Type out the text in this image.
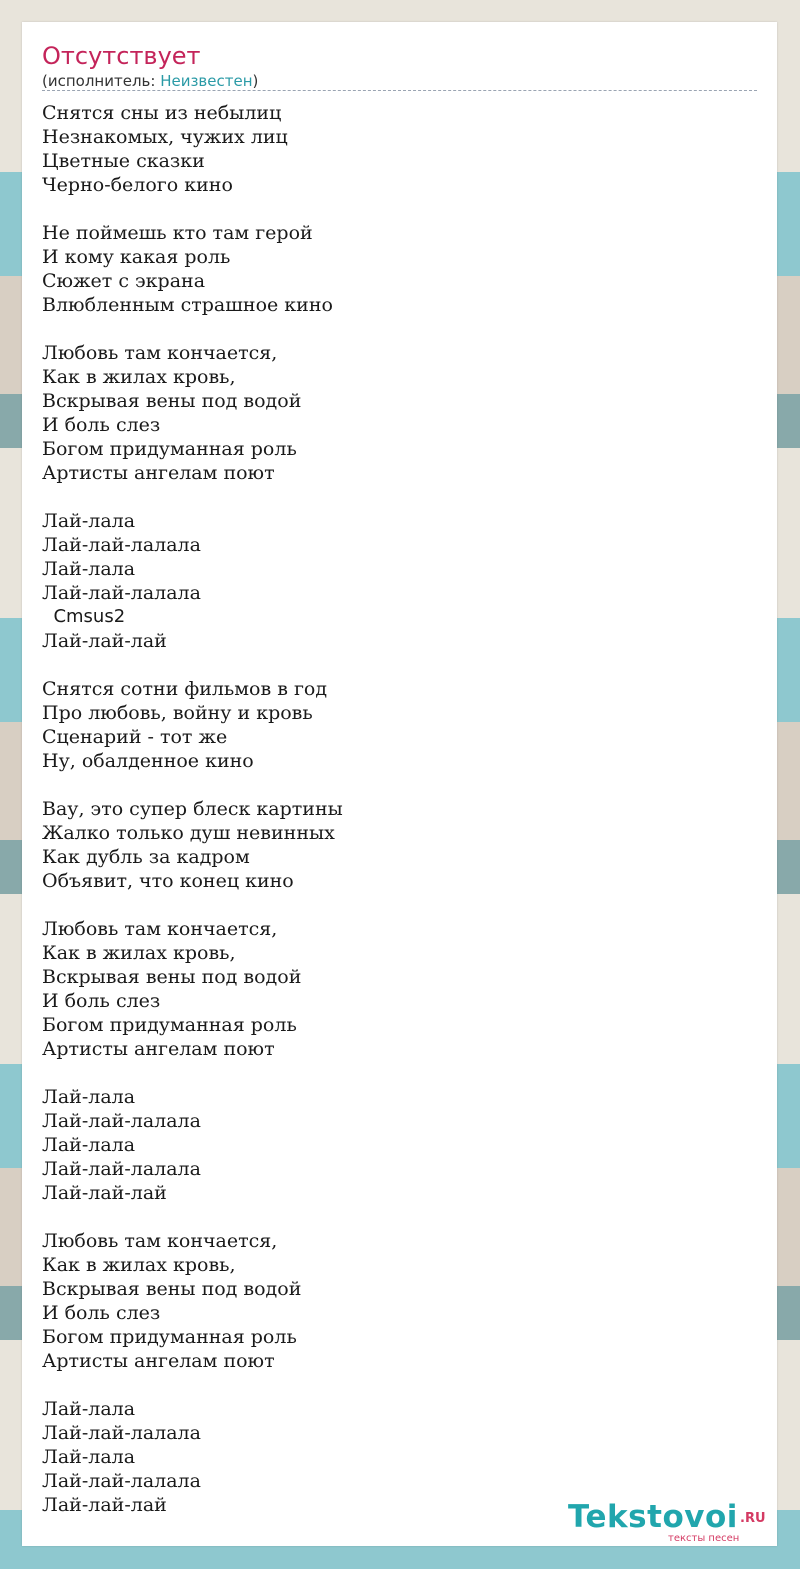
Отсутствует
(исполнитель: Неизвестен)
Снятся сны из небылиц
Незнакомых, чужих лиц
Цветные сказки
Черно-белого кино
Не поймешь кто там герой
И кому какая роль
Сюжет с экрана
Влюбленным страшное кино
Любовь там кончается,
Как в жилах кровь,
Вскрывая вены под водой
И боль слез
Богом придуманная роль
Артисты ангелам поют
Лай-лала
Лай-лай-лалала
Лай-лала
Лай-лай-лалала
Cmsus2
Лай-лай-лай
Снятся сотни фильмов в год
Про любовь, войну и кровь
Сценарий - тот же
Ну, обалденное кино
Вау, это супер блеск картины
Жалко только душ невинных
Как дубль за кадром
Объявит, что конец кино
Любовь там кончается,
Как в жилах кровь,
Вскрывая вены под водой
И боль слез
Богом придуманная роль
Артисты ангелам поют
Лай-лала
Лай-лай-лалала
Лай-лала
Лай-лай-лалала
Лай-лай-лай
Любовь там кончается,
Как в жилах кровь,
Вскрывая вены под водой
И боль слез
Богом придуманная роль
Артисты ангелам поют
Лай-лала
Лай-лай-лалала
Лай-лала
Лай-лай-лалала
Лай-лай-лай	Tekstovoi .RU
тексты песен
